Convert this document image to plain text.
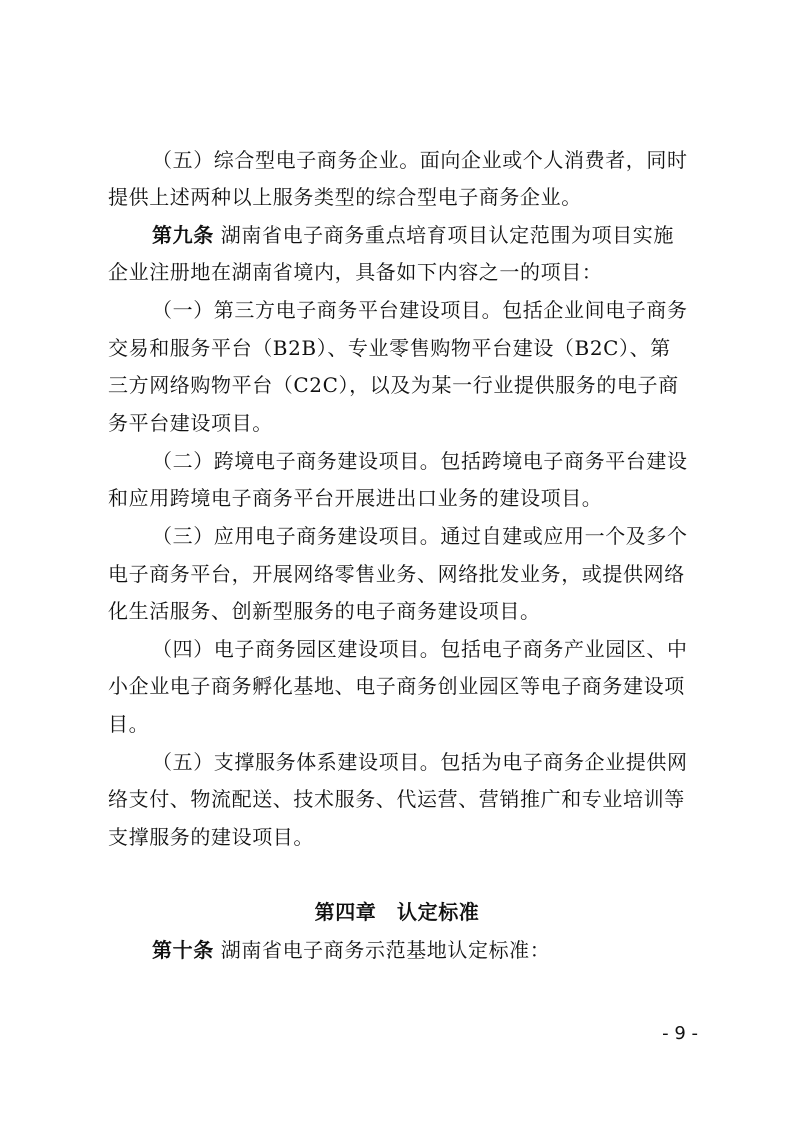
（五）综合型电子商务企业。面向企业或个人消费者，同时
提供上述两种以上服务类型的综合型电子商务企业。
第九条 湖南省电子商务重点培育项目认定范围为项目实施
企业注册地在湖南省境内，具备如下内容之一的项目：
（一）第三方电子商务平台建设项目。包括企业间电子商务
交易和服务平台（B2B）、专业零售购物平台建设（B2C）、第
三方网络购物平台（C2C），以及为某一行业提供服务的电子商
务平台建设项目。
（二）跨境电子商务建设项目。包括跨境电子商务平台建设
和应用跨境电子商务平台开展进出口业务的建设项目。
（三）应用电子商务建设项目。通过自建或应用一个及多个
电子商务平台，开展网络零售业务、网络批发业务，或提供网络
化生活服务、创新型服务的电子商务建设项目。
（四）电子商务园区建设项目。包括电子商务产业园区、中
小企业电子商务孵化基地、电子商务创业园区等电子商务建设项
目。
（五）支撑服务体系建设项目。包括为电子商务企业提供网
络支付、物流配送、技术服务、代运营、营销推广和专业培训等
支撑服务的建设项目。
第四章　认定标准
第十条 湖南省电子商务示范基地认定标准：
- 9 -
